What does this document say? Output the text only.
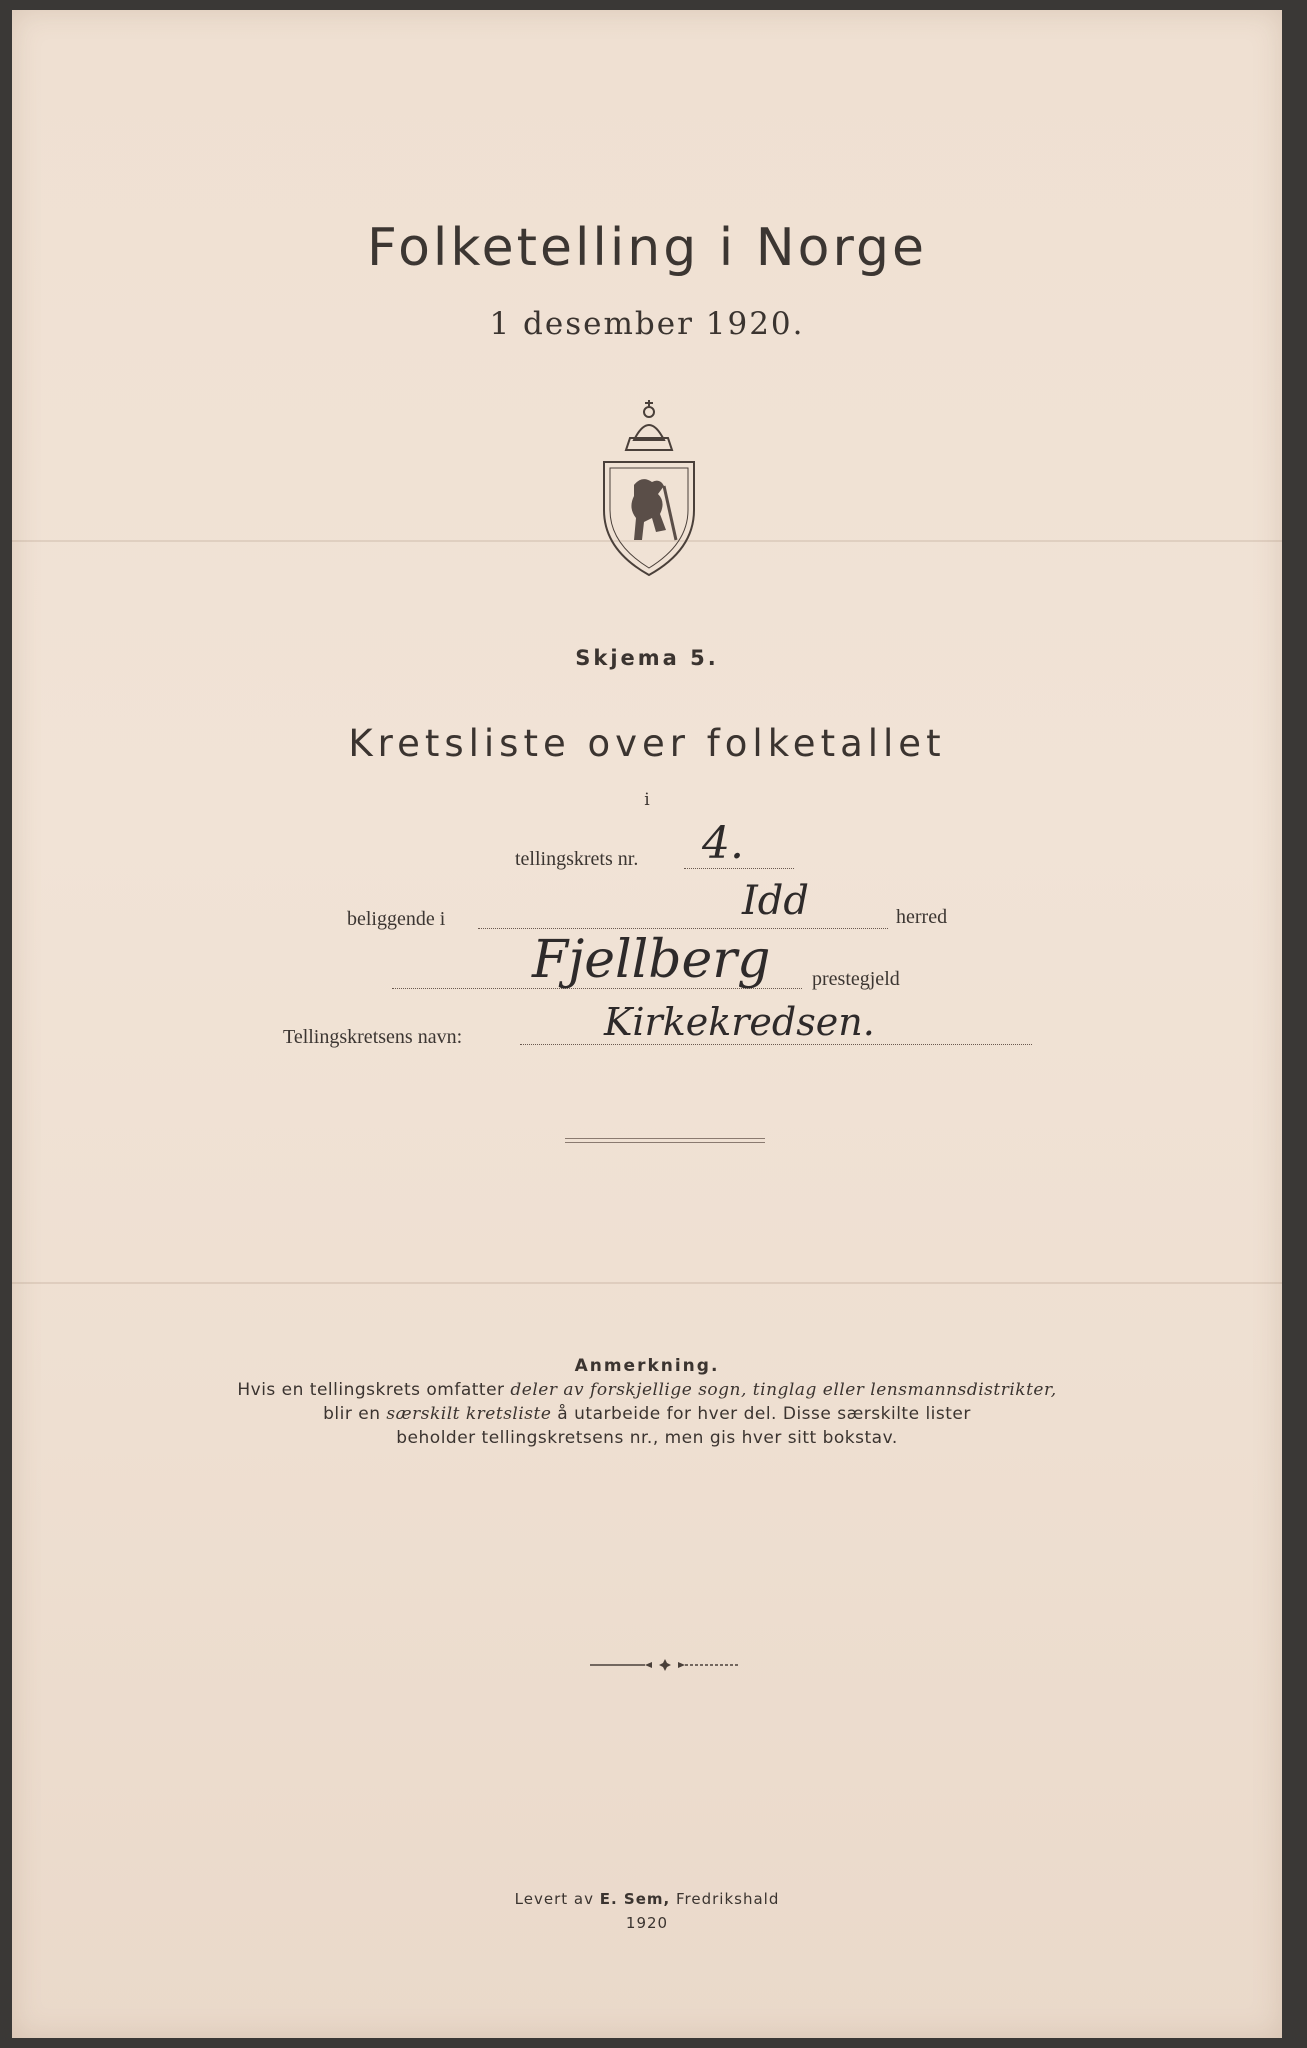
Folketelling i Norge
1 desember 1920.
Skjema 5.
Kretsliste over folketallet
i
tellingskrets nr. 4.
beliggende i	Idd	herred
Fjellberg prestegjeld
Tellingskretsens navn:	Kirkekredsen.
Anmerkning.
Hvis en tellingskrets omfatter deler av forskjellige sogn, tinglag eller lensmannsdistrikter,
blir en særskilt kretsliste å utarbeide for hver del. Disse særskilte lister
beholder tellingskretsens nr., men gis hver sitt bokstav.
Levert av E. Sem, Fredrikshald
1920
